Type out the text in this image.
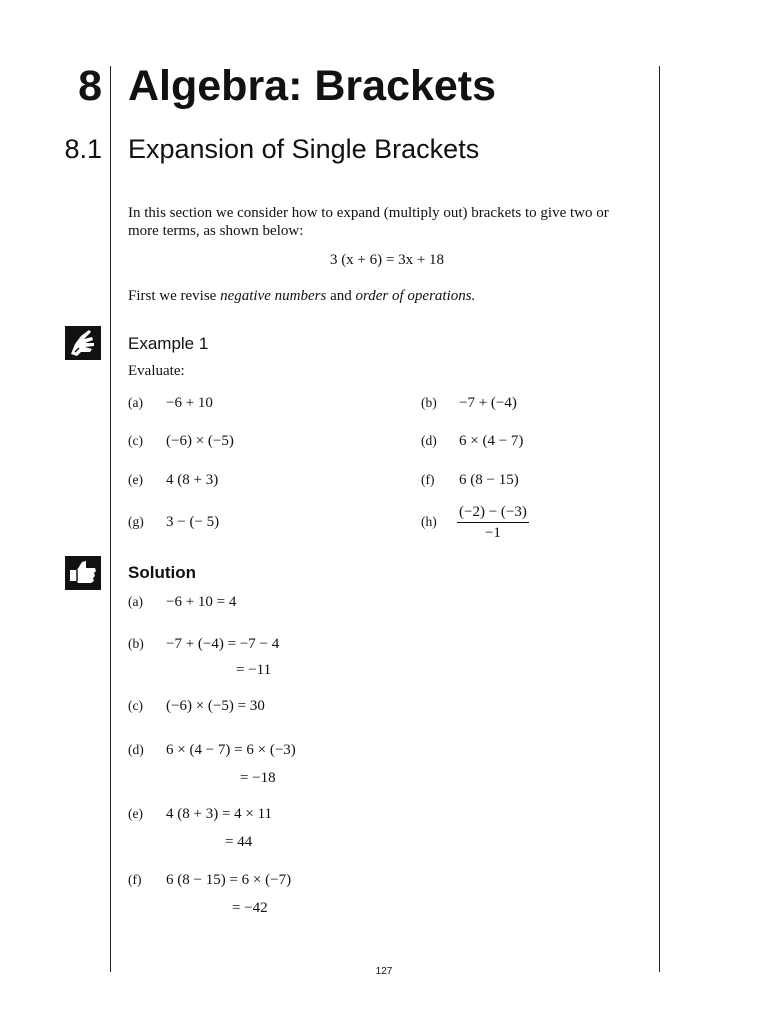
8 Algebra: Brackets
8.1 Expansion of Single Brackets
In this section we consider how to expand (multiply out) brackets to give two or more terms, as shown below:
3 (x + 6) = 3x + 18
First we revise negative numbers and order of operations.
Example 1
Evaluate:
(a) −6 + 10
(c) (−6) × (−5)
(e) 4 (8 + 3)
(g) 3 − (− 5)
(b) −7 + (−4)
(d) 6 × (4 − 7)
(f) 6 (8 − 15)
$(h) \frac{(-2) - (-3)}{-1}$
Solution
(a) −6 + 10 = 4
(b) −7 + (−4) = −7 − 4
= −11
(c) (−6) × (−5) = 30
(d) 6 × (4 − 7) = 6 × (−3)
= −18
(e) 4 (8 + 3) = 4 × 11
= 44
(f) 6 (8 − 15) = 6 × (−7)
= −42
127
